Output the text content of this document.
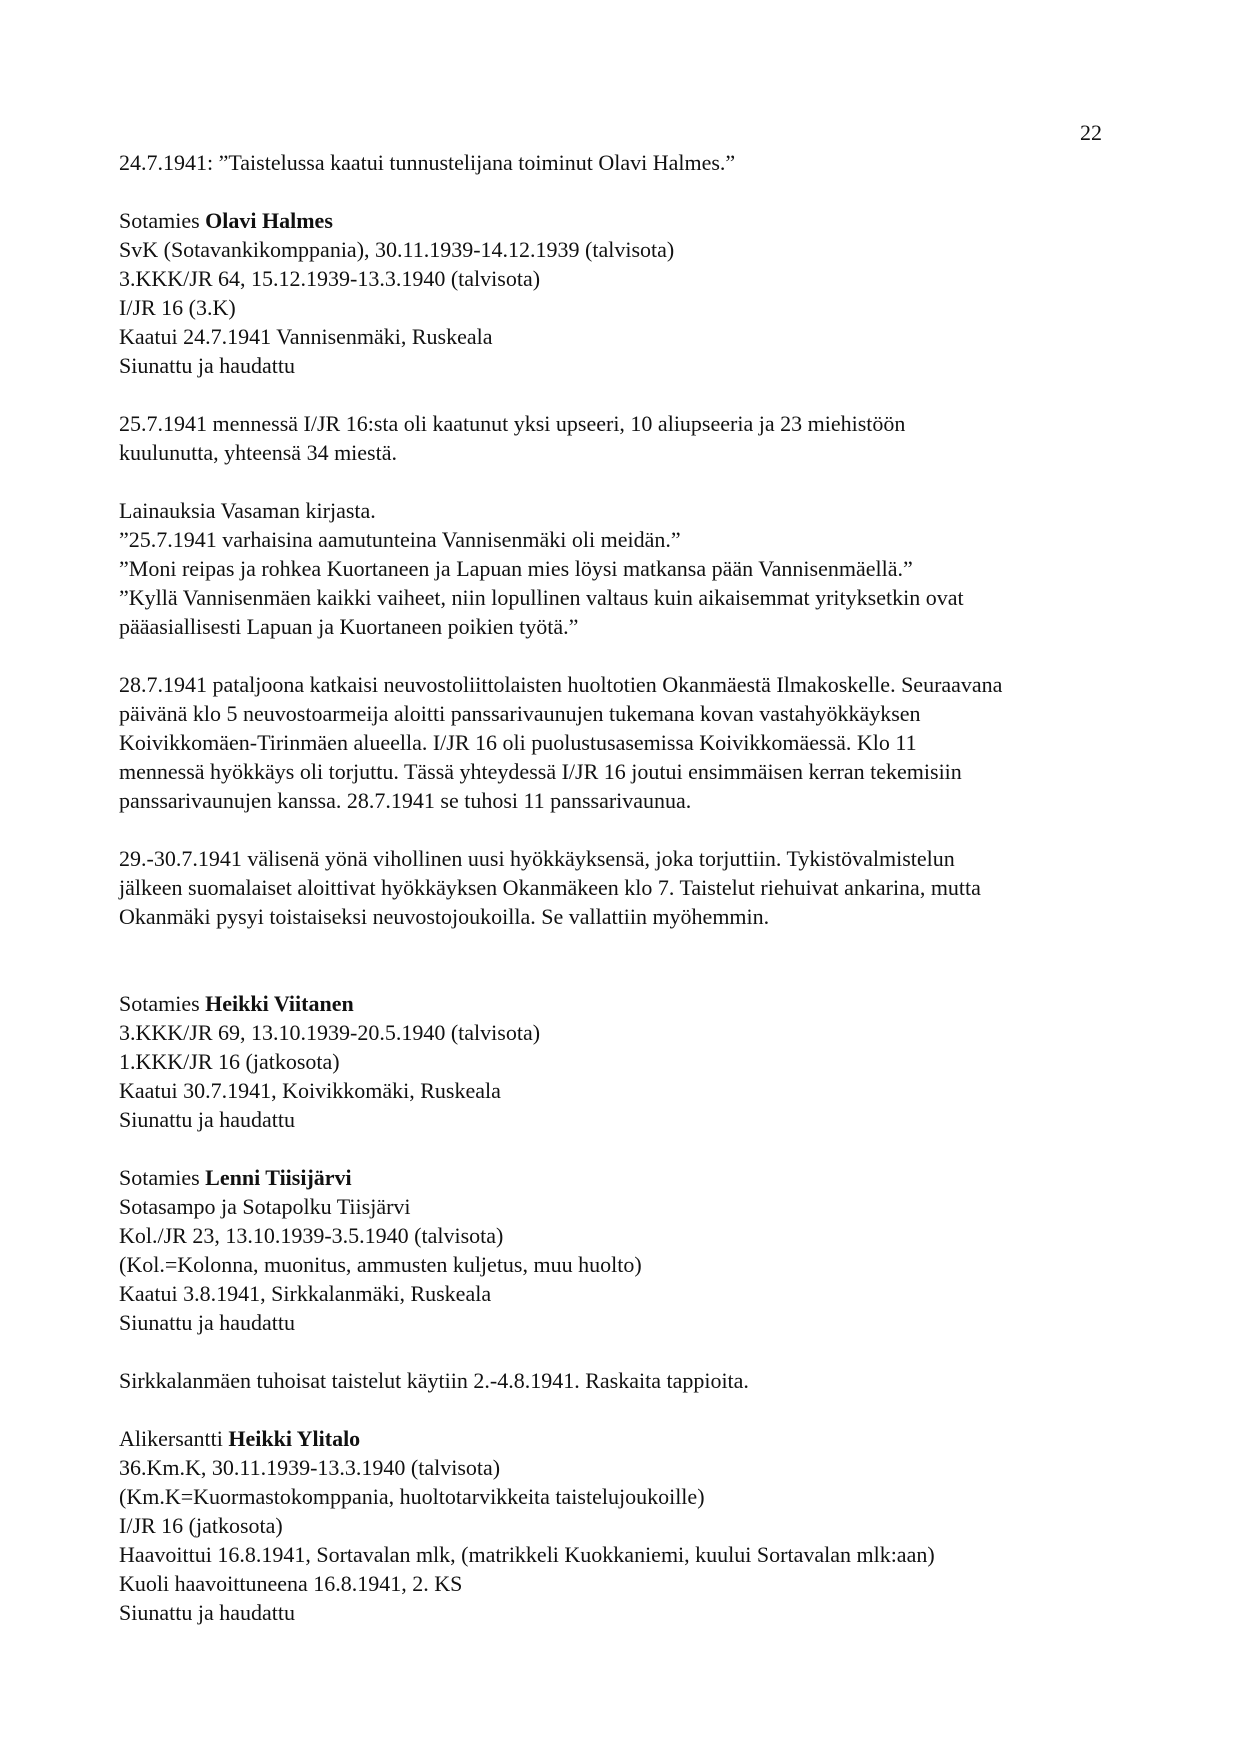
22
24.7.1941: ”Taistelussa kaatui tunnustelijana toiminut Olavi Halmes.”
Sotamies Olavi Halmes
SvK (Sotavankikomppania), 30.11.1939-14.12.1939 (talvisota)
3.KKK/JR 64, 15.12.1939-13.3.1940 (talvisota)
I/JR 16 (3.K)
Kaatui 24.7.1941 Vannisenmäki, Ruskeala
Siunattu ja haudattu
25.7.1941 mennessä I/JR 16:sta oli kaatunut yksi upseeri, 10 aliupseeria ja 23 miehistöön
kuulunutta, yhteensä 34 miestä.
Lainauksia Vasaman kirjasta.
”25.7.1941 varhaisina aamutunteina Vannisenmäki oli meidän.”
”Moni reipas ja rohkea Kuortaneen ja Lapuan mies löysi matkansa pään Vannisenmäellä.”
”Kyllä Vannisenmäen kaikki vaiheet, niin lopullinen valtaus kuin aikaisemmat yrityksetkin ovat
pääasiallisesti Lapuan ja Kuortaneen poikien työtä.”
28.7.1941 pataljoona katkaisi neuvostoliittolaisten huoltotien Okanmäestä Ilmakoskelle. Seuraavana
päivänä klo 5 neuvostoarmeija aloitti panssarivaunujen tukemana kovan vastahyökkäyksen
Koivikkomäen-Tirinmäen alueella. I/JR 16 oli puolustusasemissa Koivikkomäessä. Klo 11
mennessä hyökkäys oli torjuttu. Tässä yhteydessä I/JR 16 joutui ensimmäisen kerran tekemisiin
panssarivaunujen kanssa. 28.7.1941 se tuhosi 11 panssarivaunua.
29.-30.7.1941 välisenä yönä vihollinen uusi hyökkäyksensä, joka torjuttiin. Tykistövalmistelun
jälkeen suomalaiset aloittivat hyökkäyksen Okanmäkeen klo 7. Taistelut riehuivat ankarina, mutta
Okanmäki pysyi toistaiseksi neuvostojoukoilla. Se vallattiin myöhemmin.
Sotamies Heikki Viitanen
3.KKK/JR 69, 13.10.1939-20.5.1940 (talvisota)
1.KKK/JR 16 (jatkosota)
Kaatui 30.7.1941, Koivikkomäki, Ruskeala
Siunattu ja haudattu
Sotamies Lenni Tiisijärvi
Sotasampo ja Sotapolku Tiisjärvi
Kol./JR 23, 13.10.1939-3.5.1940 (talvisota)
(Kol.=Kolonna, muonitus, ammusten kuljetus, muu huolto)
Kaatui 3.8.1941, Sirkkalanmäki, Ruskeala
Siunattu ja haudattu
Sirkkalanmäen tuhoisat taistelut käytiin 2.-4.8.1941. Raskaita tappioita.
Alikersantti Heikki Ylitalo
36.Km.K, 30.11.1939-13.3.1940 (talvisota)
(Km.K=Kuormastokomppania, huoltotarvikkeita taistelujoukoille)
I/JR 16 (jatkosota)
Haavoittui 16.8.1941, Sortavalan mlk, (matrikkeli Kuokkaniemi, kuului Sortavalan mlk:aan)
Kuoli haavoittuneena 16.8.1941, 2. KS
Siunattu ja haudattu
